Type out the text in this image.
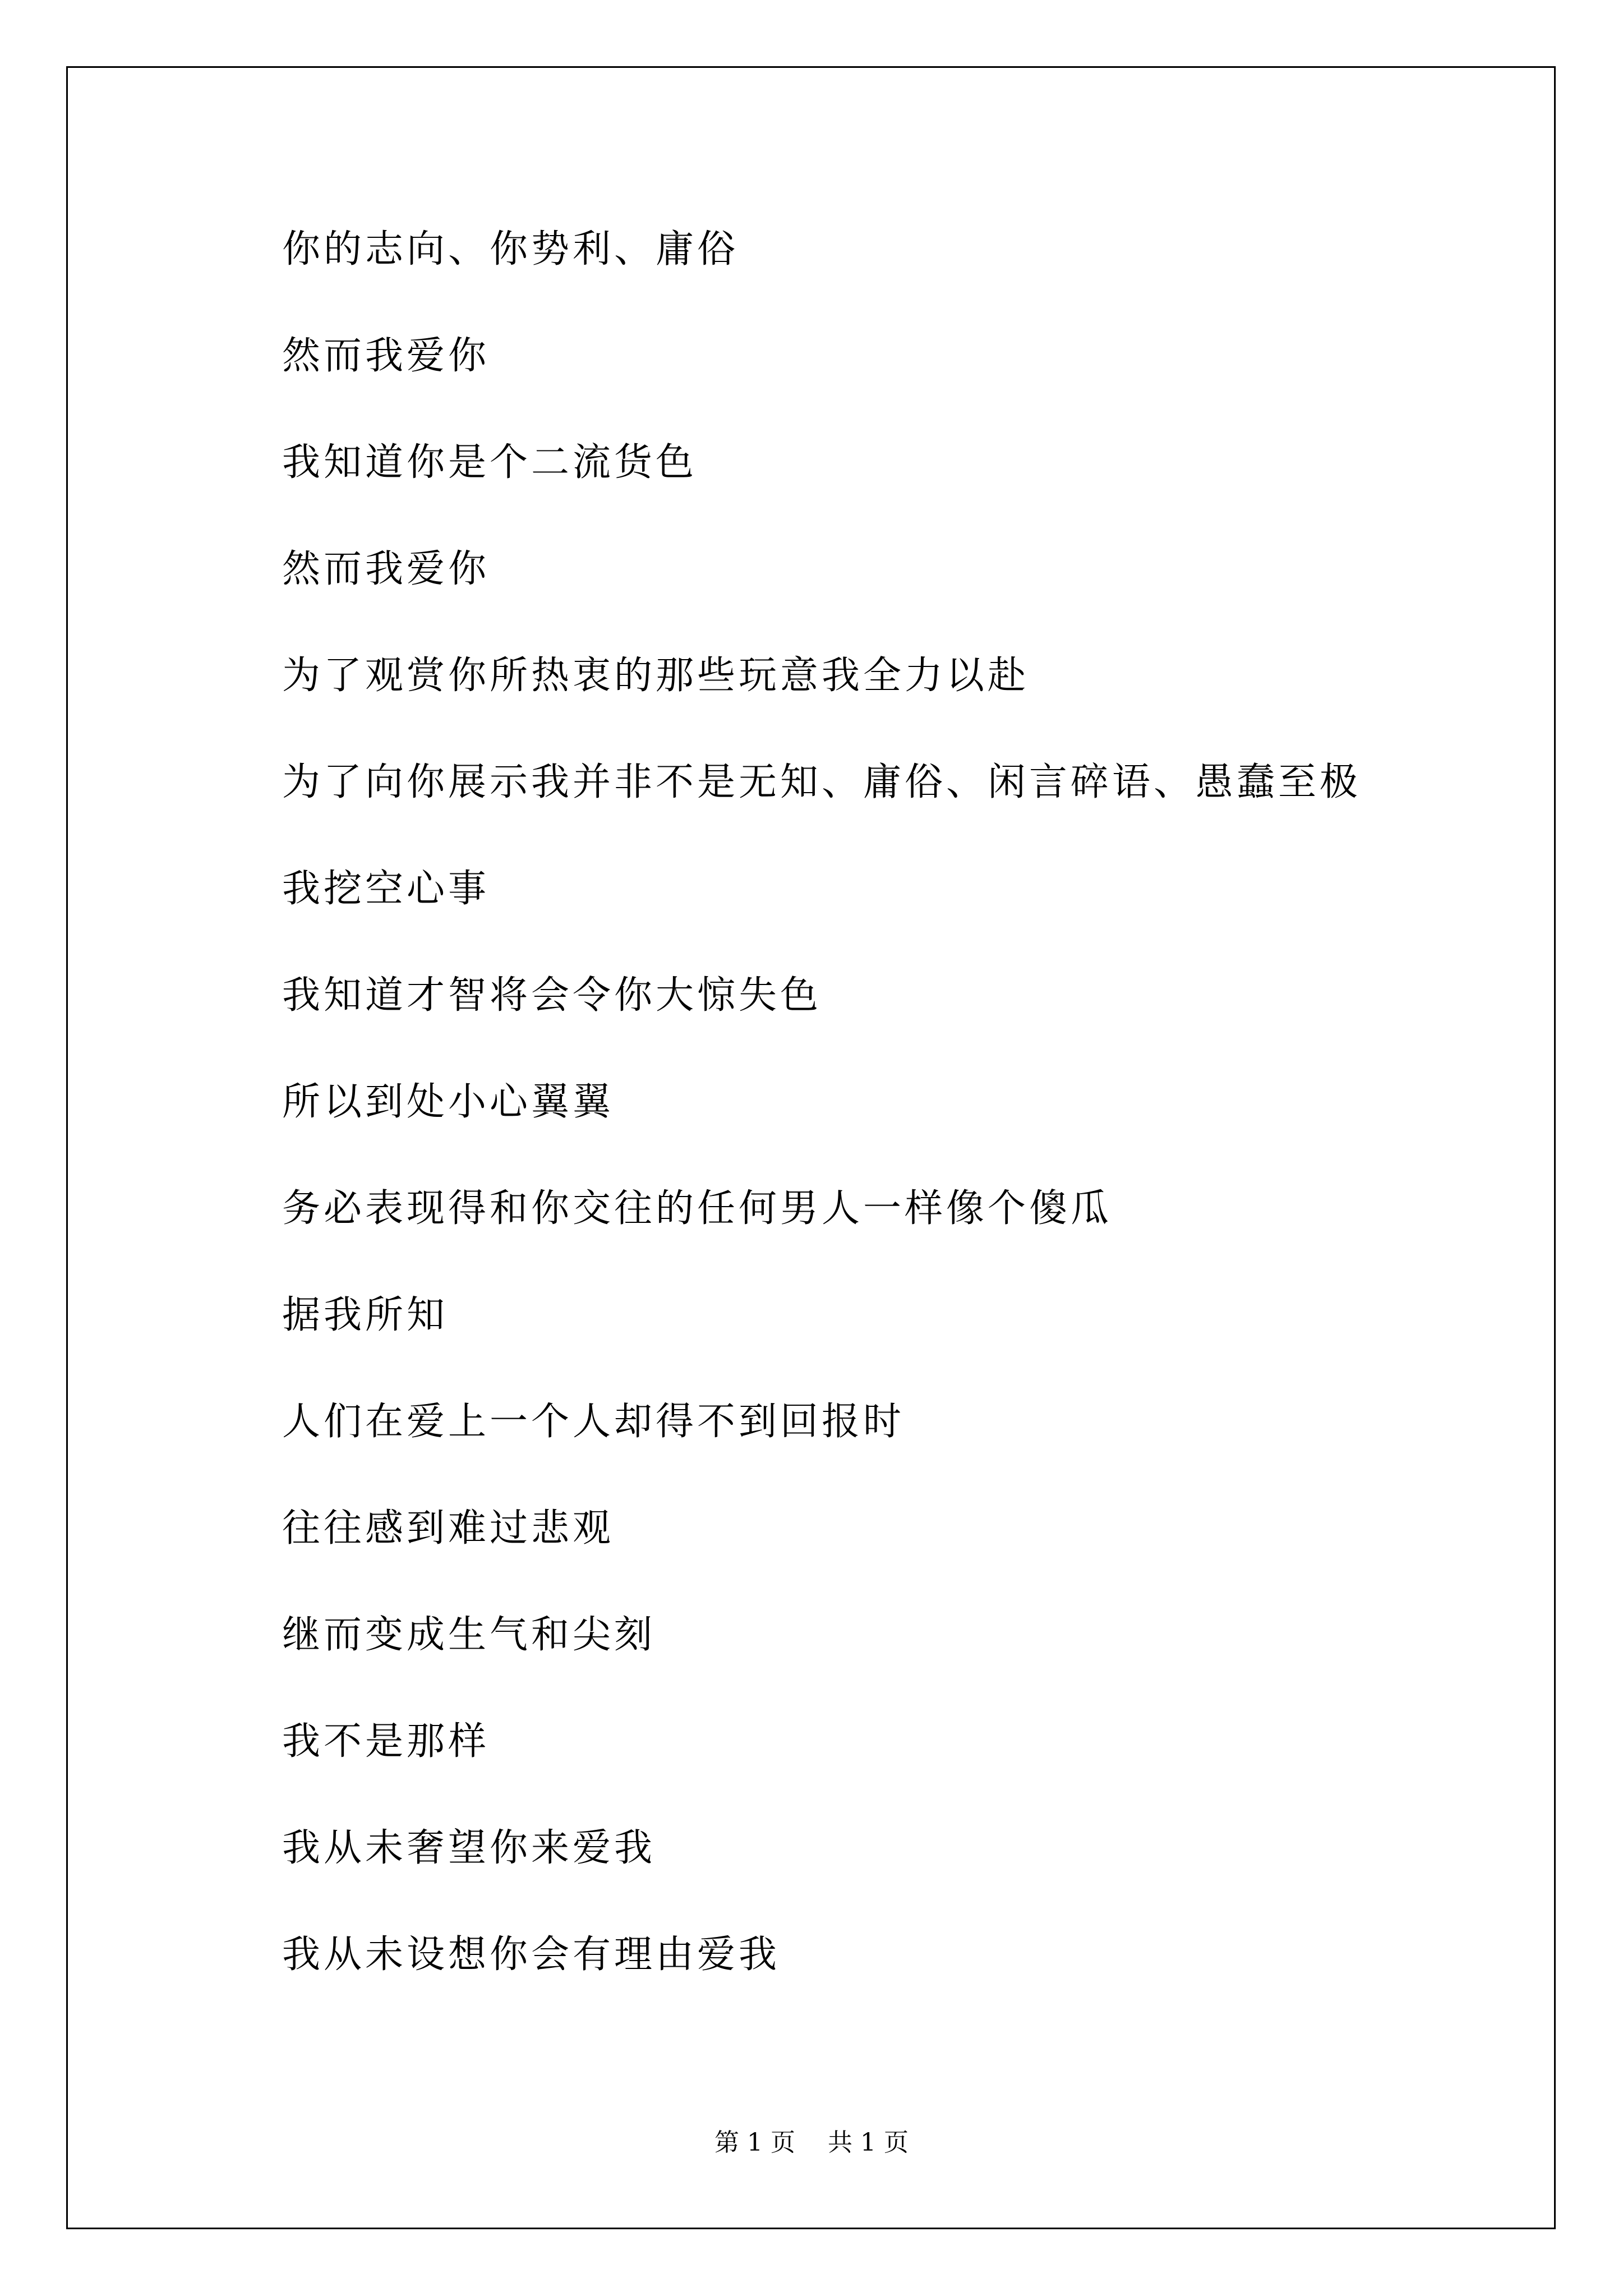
你的志向、你势利、庸俗
然而我爱你
我知道你是个二流货色
然而我爱你
为了观赏你所热衷的那些玩意我全力以赴
为了向你展示我并非不是无知、庸俗、闲言碎语、愚蠢至极
我挖空心事
我知道才智将会令你大惊失色
所以到处小心翼翼
务必表现得和你交往的任何男人一样像个傻瓜
据我所知
人们在爱上一个人却得不到回报时
往往感到难过悲观
继而变成生气和尖刻
我不是那样
我从未奢望你来爱我
我从未设想你会有理由爱我
第 1 页 共 1 页
